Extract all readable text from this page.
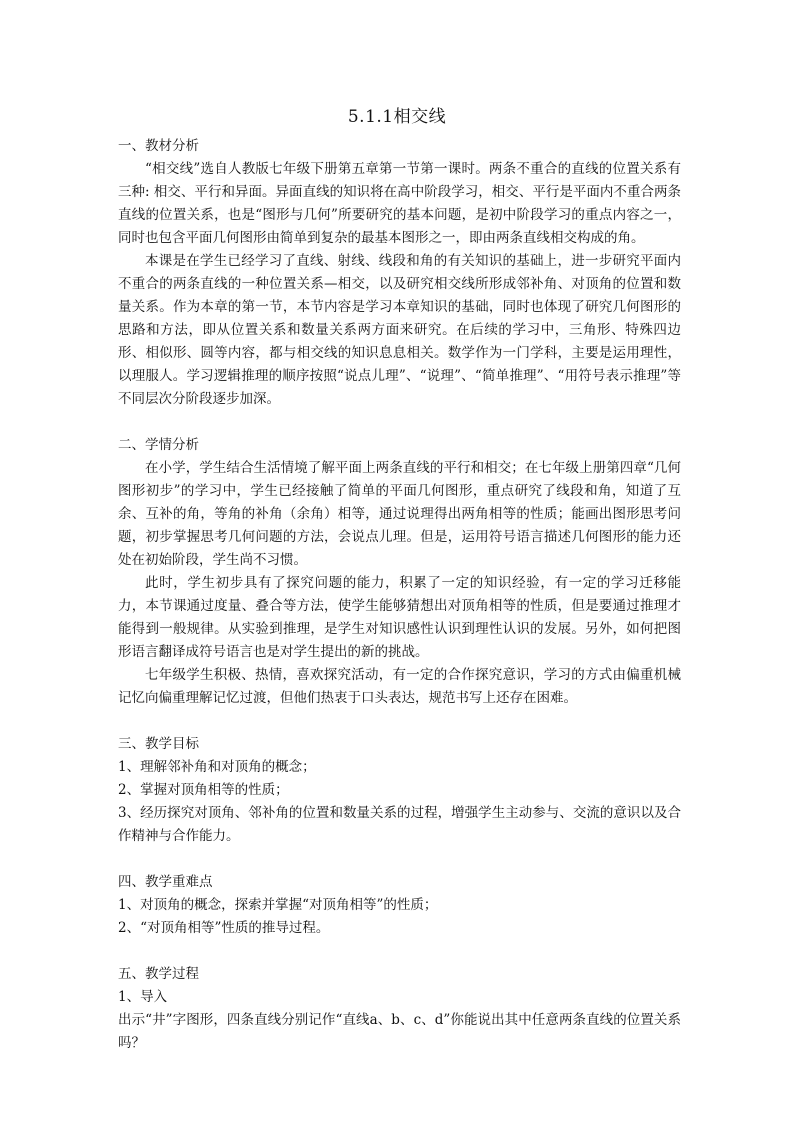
5.1.1相交线

一、教材分析

“相交线”选自人教版七年级下册第五章第一节第一课时。两条不重合的直线的位置关系有三种: 相交、平行和异面。异面直线的知识将在高中阶段学习，相交、平行是平面内不重合两条直线的位置关系，也是“图形与几何”所要研究的基本问题，是初中阶段学习的重点内容之一，同时也包含平面几何图形由简单到复杂的最基本图形之一，即由两条直线相交构成的角。

本课是在学生已经学习了直线、射线、线段和角的有关知识的基础上，进一步研究平面内不重合的两条直线的一种位置关系—相交，以及研究相交线所形成邻补角、对顶角的位置和数量关系。作为本章的第一节，本节内容是学习本章知识的基础，同时也体现了研究几何图形的思路和方法，即从位置关系和数量关系两方面来研究。在后续的学习中，三角形、特殊四边形、相似形、圆等内容，都与相交线的知识息息相关。数学作为一门学科，主要是运用理性，以理服人。学习逻辑推理的顺序按照“说点儿理”、“说理”、“简单推理”、“用符号表示推理”等不同层次分阶段逐步加深。

二、学情分析

在小学，学生结合生活情境了解平面上两条直线的平行和相交；在七年级上册第四章“几何图形初步”的学习中，学生已经接触了简单的平面几何图形，重点研究了线段和角，知道了互余、互补的角，等角的补角（余角）相等，通过说理得出两角相等的性质；能画出图形思考问题，初步掌握思考几何问题的方法，会说点儿理。但是，运用符号语言描述几何图形的能力还处在初始阶段，学生尚不习惯。

此时，学生初步具有了探究问题的能力，积累了一定的知识经验，有一定的学习迁移能力，本节课通过度量、叠合等方法，使学生能够猜想出对顶角相等的性质，但是要通过推理才能得到一般规律。从实验到推理，是学生对知识感性认识到理性认识的发展。另外，如何把图形语言翻译成符号语言也是对学生提出的新的挑战。

七年级学生积极、热情，喜欢探究活动，有一定的合作探究意识，学习的方式由偏重机械记忆向偏重理解记忆过渡，但他们热衷于口头表达，规范书写上还存在困难。

三、教学目标

1、理解邻补角和对顶角的概念；

2、掌握对顶角相等的性质；

3、经历探究对顶角、邻补角的位置和数量关系的过程，增强学生主动参与、交流的意识以及合作精神与合作能力。

四、教学重难点

1、对顶角的概念，探索并掌握“对顶角相等”的性质；

2、“对顶角相等”性质的推导过程。

五、教学过程

1、导入

出示“井”字图形，四条直线分别记作“直线a、b、c、d”你能说出其中任意两条直线的位置关系吗？
